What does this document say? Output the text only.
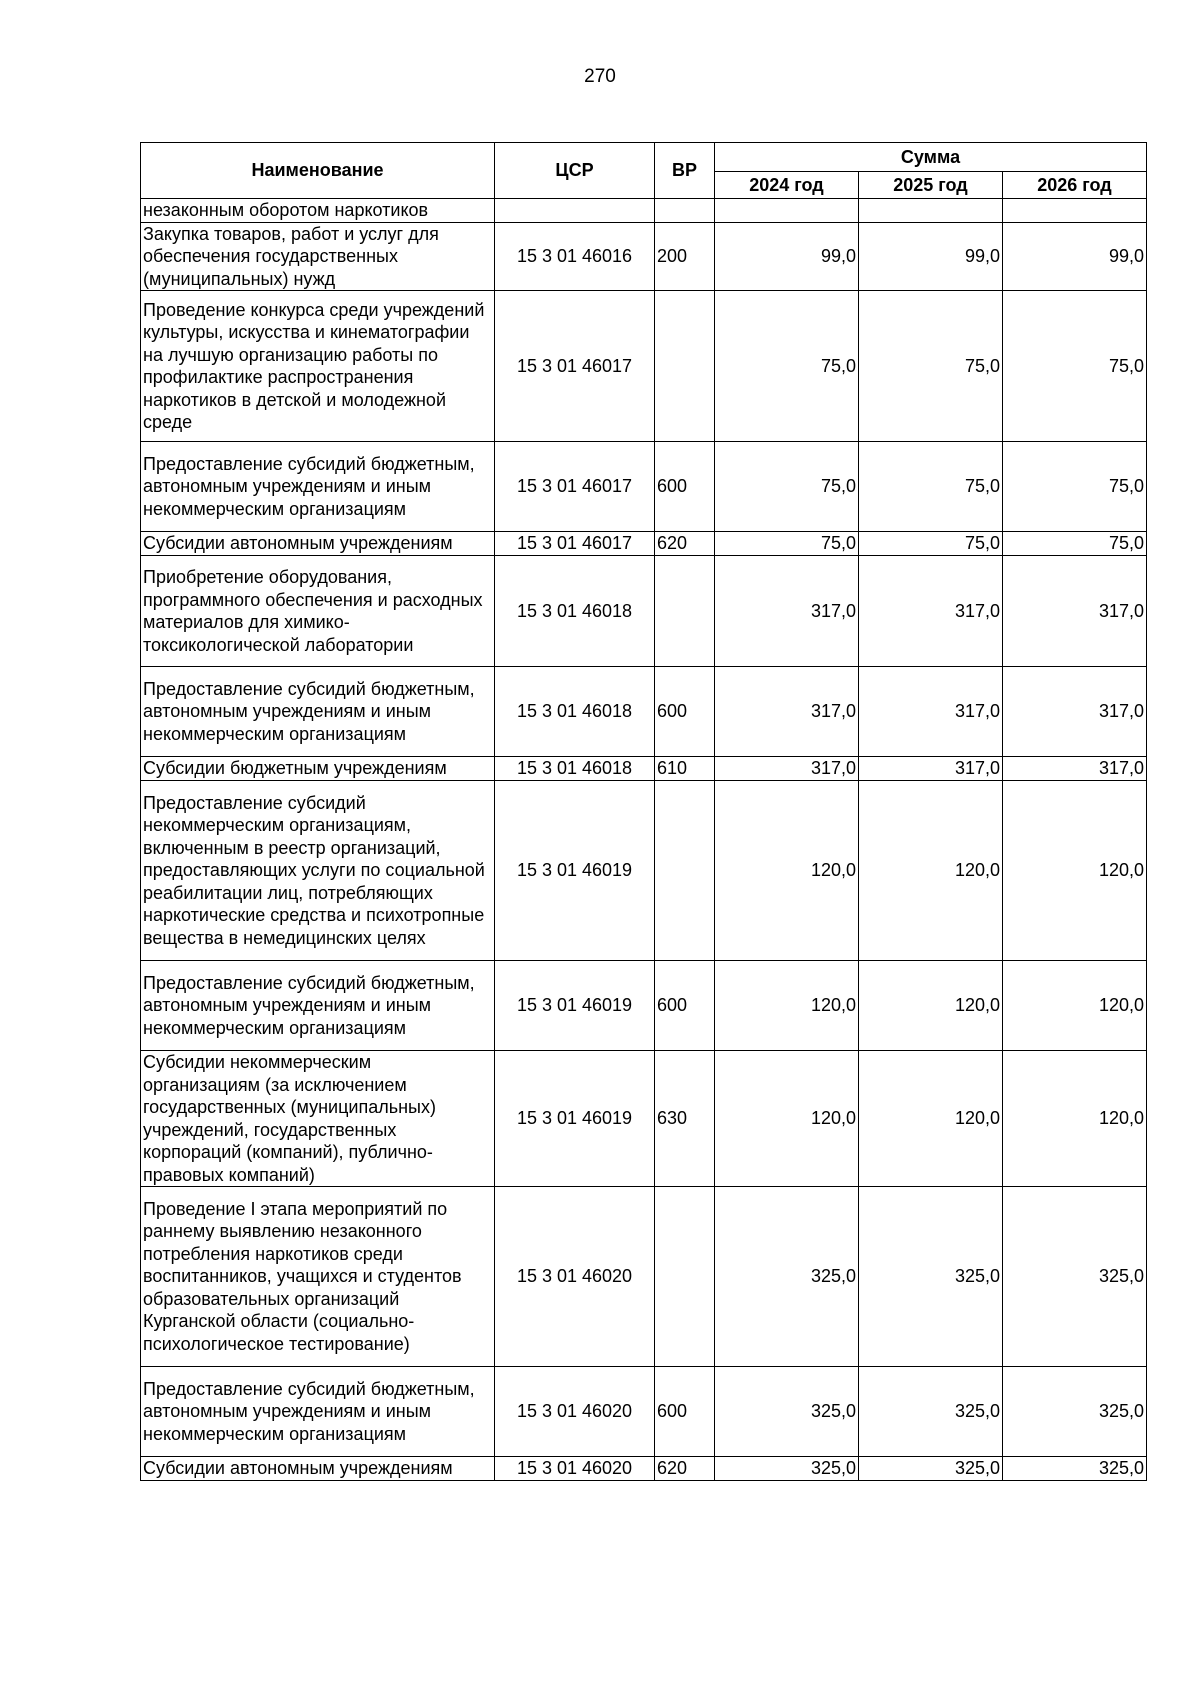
270
Наименование	ЦСР	ВР	Сумма		
			2024 год	2025 год	2026 год
незаконным оборотом наркотиков					
Закупка товаров, работ и услуг для обеспечения государственных (муниципальных) нужд	15 3 01 46016	200	99,0	99,0	99,0
Проведение конкурса среди учреждений культуры, искусства и кинематографии на лучшую организацию работы по профилактике распространения наркотиков в детской и молодежной среде	15 3 01 46017		75,0	75,0	75,0
Предоставление субсидий бюджетным, автономным учреждениям и иным некоммерческим организациям	15 3 01 46017	600	75,0	75,0	75,0
Субсидии автономным учреждениям	15 3 01 46017	620	75,0	75,0	75,0
Приобретение оборудования, программного обеспечения и расходных материалов для химико-токсикологической лаборатории	15 3 01 46018		317,0	317,0	317,0
Предоставление субсидий бюджетным, автономным учреждениям и иным некоммерческим организациям	15 3 01 46018	600	317,0	317,0	317,0
Субсидии бюджетным учреждениям	15 3 01 46018	610	317,0	317,0	317,0
Предоставление субсидий некоммерческим организациям, включенным в реестр организаций, предоставляющих услуги по социальной реабилитации лиц, потребляющих наркотические средства и психотропные вещества в немедицинских целях	15 3 01 46019		120,0	120,0	120,0
Предоставление субсидий бюджетным, автономным учреждениям и иным некоммерческим организациям	15 3 01 46019	600	120,0	120,0	120,0
Субсидии некоммерческим организациям (за исключением государственных (муниципальных) учреждений, государственных корпораций (компаний), публично-правовых компаний)	15 3 01 46019	630	120,0	120,0	120,0
Проведение I этапа мероприятий по раннему выявлению незаконного потребления наркотиков среди воспитанников, учащихся и студентов образовательных организаций Курганской области (социально-психологическое тестирование)	15 3 01 46020		325,0	325,0	325,0
Предоставление субсидий бюджетным, автономным учреждениям и иным некоммерческим организациям	15 3 01 46020	600	325,0	325,0	325,0
Субсидии автономным учреждениям	15 3 01 46020	620	325,0	325,0	325,0
